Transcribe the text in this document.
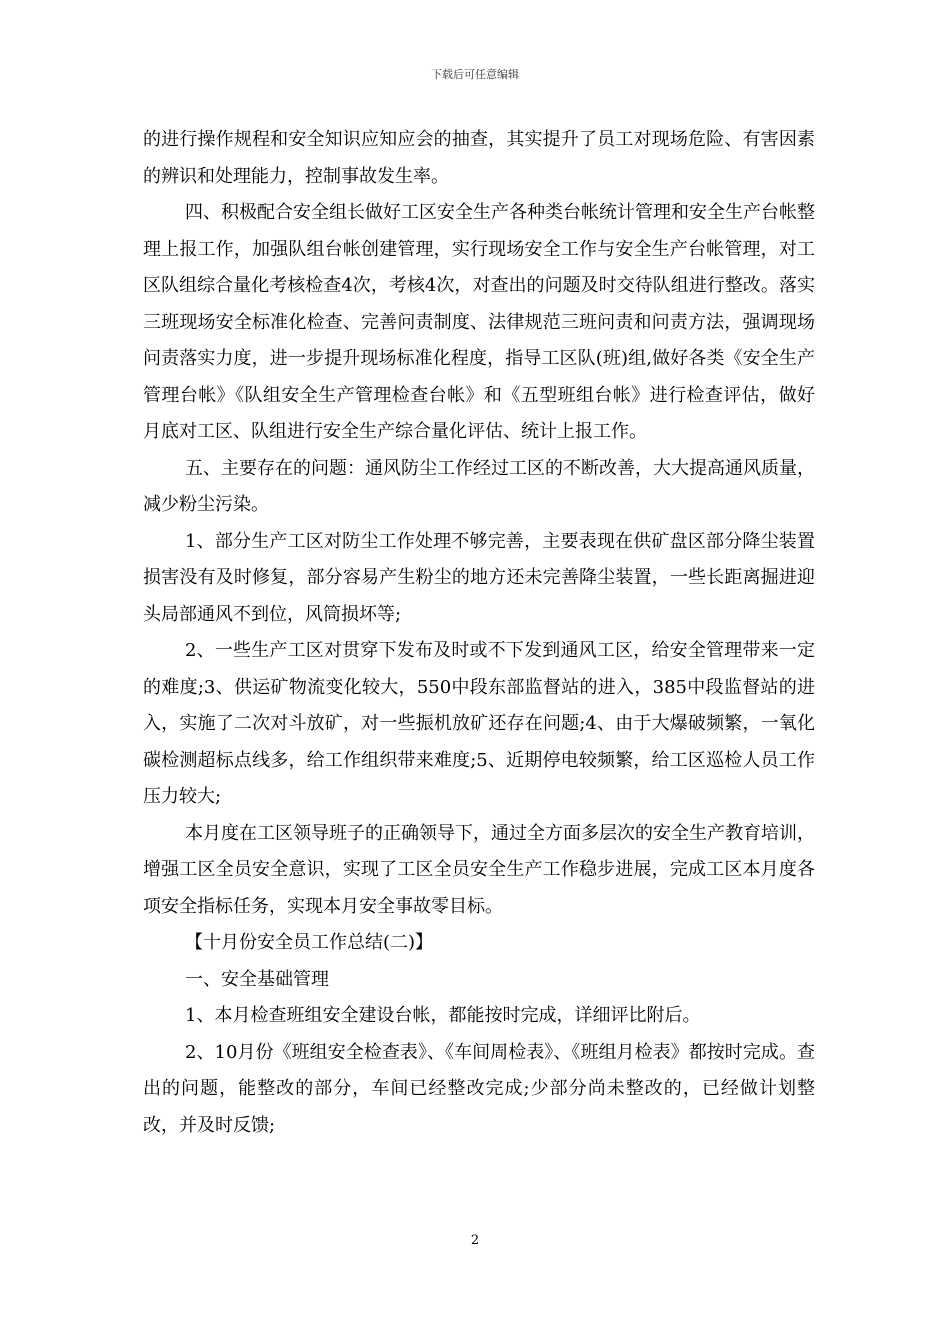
下载后可任意编辑

的进行操作规程和安全知识应知应会的抽查，其实提升了员工对现场危险、有害因素的辨识和处理能力，控制事故发生率。

四、积极配合安全组长做好工区安全生产各种类台帐统计管理和安全生产台帐整理上报工作，加强队组台帐创建管理，实行现场安全工作与安全生产台帐管理，对工区队组综合量化考核检查4次，考核4次，对查出的问题及时交待队组进行整改。落实三班现场安全标准化检查、完善问责制度、法律规范三班问责和问责方法，强调现场问责落实力度，进一步提升现场标准化程度，指导工区队(班)组,做好各类《安全生产管理台帐》《队组安全生产管理检查台帐》和《五型班组台帐》进行检查评估，做好月底对工区、队组进行安全生产综合量化评估、统计上报工作。

五、主要存在的问题：通风防尘工作经过工区的不断改善，大大提高通风质量，减少粉尘污染。

1、部分生产工区对防尘工作处理不够完善，主要表现在供矿盘区部分降尘装置损害没有及时修复，部分容易产生粉尘的地方还未完善降尘装置，一些长距离掘进迎头局部通风不到位，风筒损坏等;

2、一些生产工区对贯穿下发布及时或不下发到通风工区，给安全管理带来一定的难度;3、供运矿物流变化较大，550中段东部监督站的进入，385中段监督站的进入，实施了二次对斗放矿，对一些振机放矿还存在问题;4、由于大爆破频繁，一氧化碳检测超标点线多，给工作组织带来难度;5、近期停电较频繁，给工区巡检人员工作压力较大;

本月度在工区领导班子的正确领导下，通过全方面多层次的安全生产教育培训，增强工区全员安全意识，实现了工区全员安全生产工作稳步进展，完成工区本月度各项安全指标任务，实现本月安全事故零目标。

【十月份安全员工作总结(二)】

一、安全基础管理

1、本月检查班组安全建设台帐，都能按时完成，详细评比附后。

2、10月份《班组安全检查表》、《车间周检表》、《班组月检表》都按时完成。查出的问题，能整改的部分，车间已经整改完成;少部分尚未整改的，已经做计划整改，并及时反馈;

2
